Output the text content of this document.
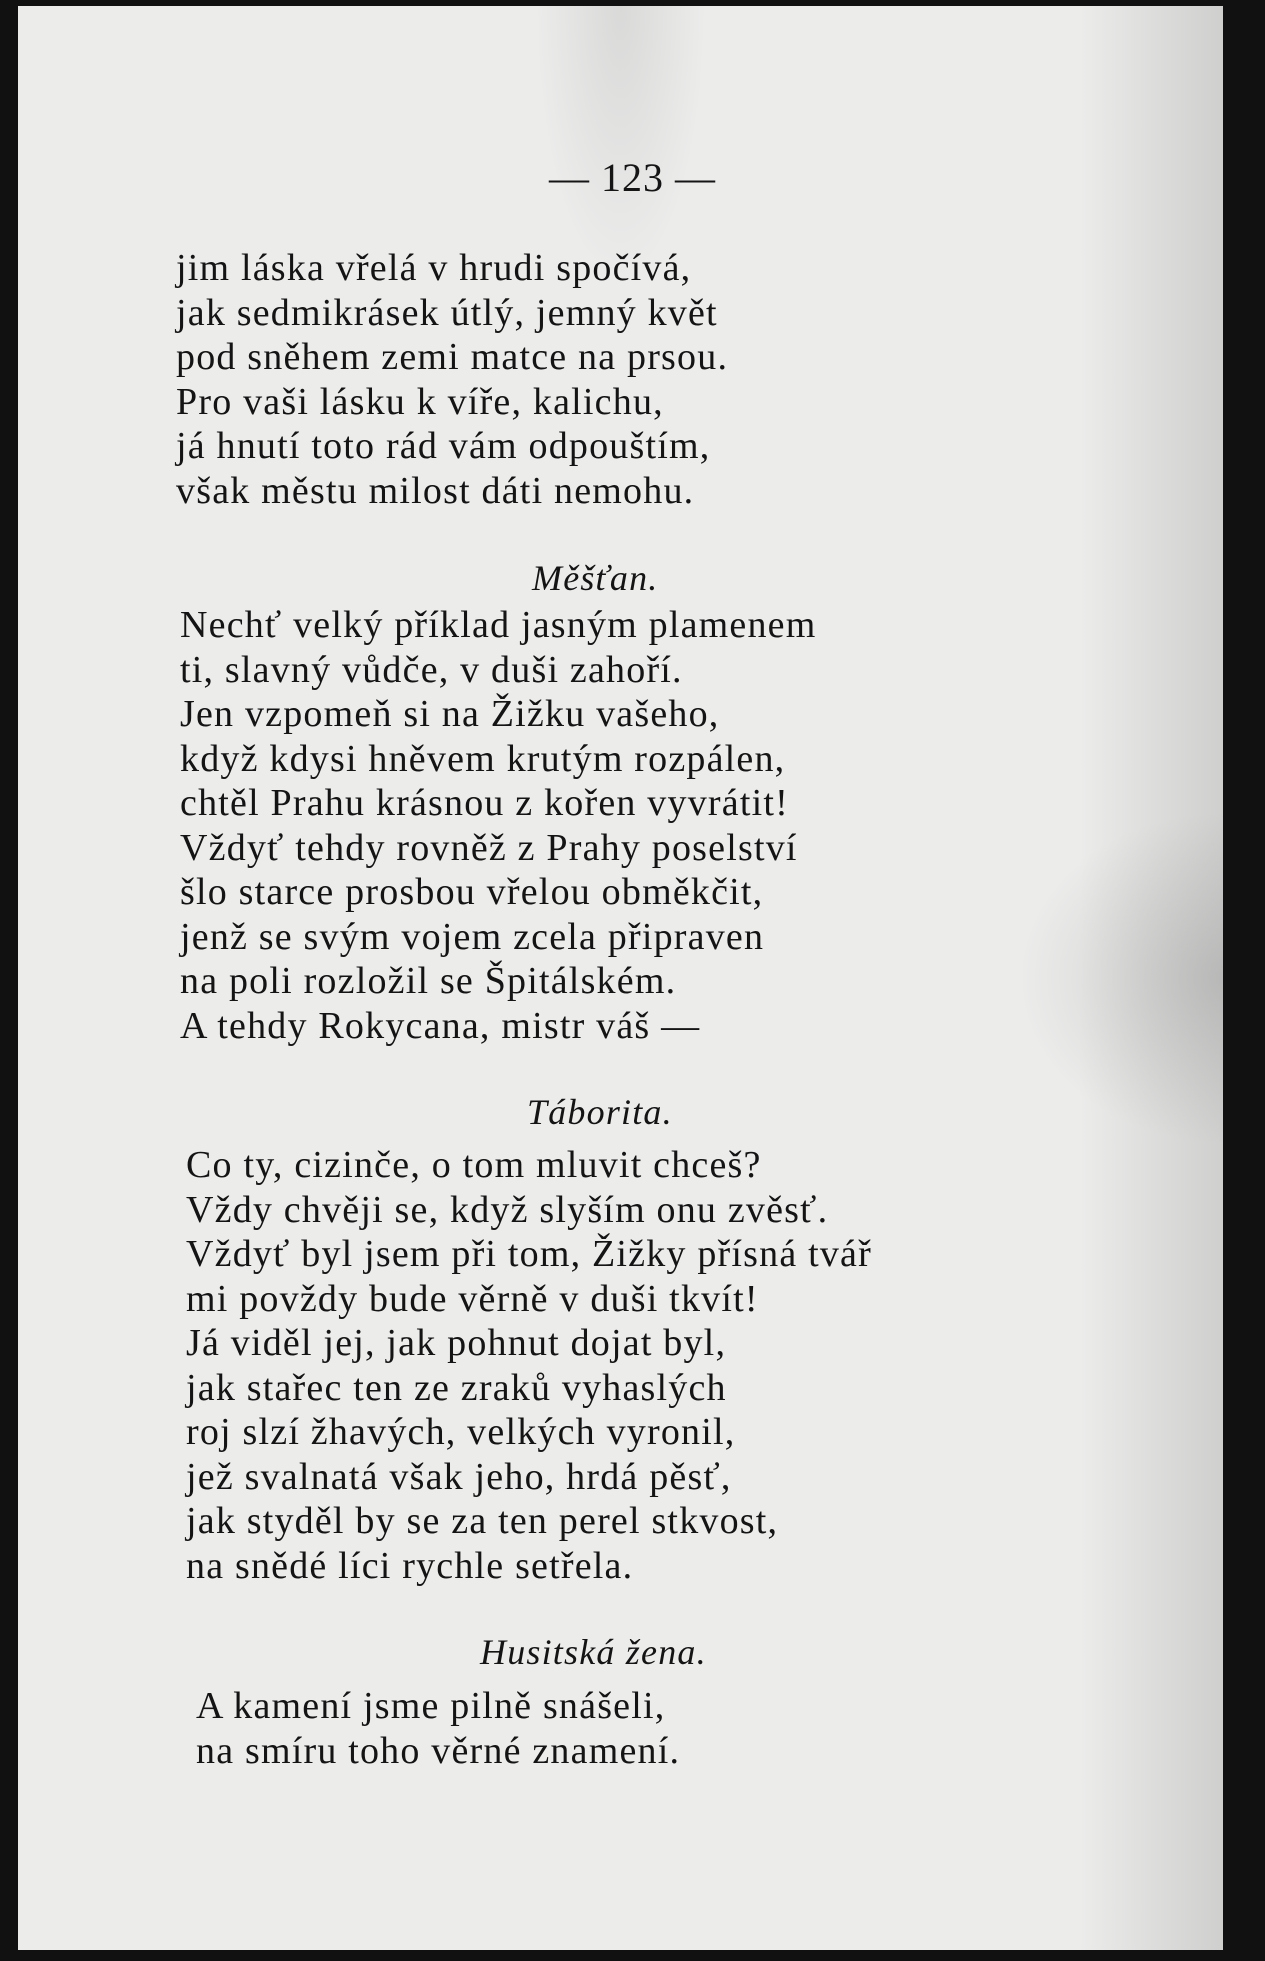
— 123 —
jim láska vřelá v hrudi spočívá,
jak sedmikrásek útlý, jemný květ
pod sněhem zemi matce na prsou.
Pro vaši lásku k víře, kalichu,
já hnutí toto rád vám odpouštím,
však městu milost dáti nemohu.
Měšťan.
Nechť velký příklad jasným plamenem
ti, slavný vůdče, v duši zahoří.
Jen vzpomeň si na Žižku vašeho,
když kdysi hněvem krutým rozpálen,
chtěl Prahu krásnou z kořen vyvrátit!
Vždyť tehdy rovněž z Prahy poselství
šlo starce prosbou vřelou obměkčit,
jenž se svým vojem zcela připraven
na poli rozložil se Špitálském.
A tehdy Rokycana, mistr váš —
Táborita.
Co ty, cizinče, o tom mluvit chceš?
Vždy chvěji se, když slyším onu zvěsť.
Vždyť byl jsem při tom, Žižky přísná tvář
mi povždy bude věrně v duši tkvít!
Já viděl jej, jak pohnut dojat byl,
jak stařec ten ze zraků vyhaslých
roj slzí žhavých, velkých vyronil,
jež svalnatá však jeho, hrdá pěsť,
jak styděl by se za ten perel stkvost,
na snědé líci rychle setřela.
Husitská žena.
A kamení jsme pilně snášeli,
na smíru toho věrné znamení.
